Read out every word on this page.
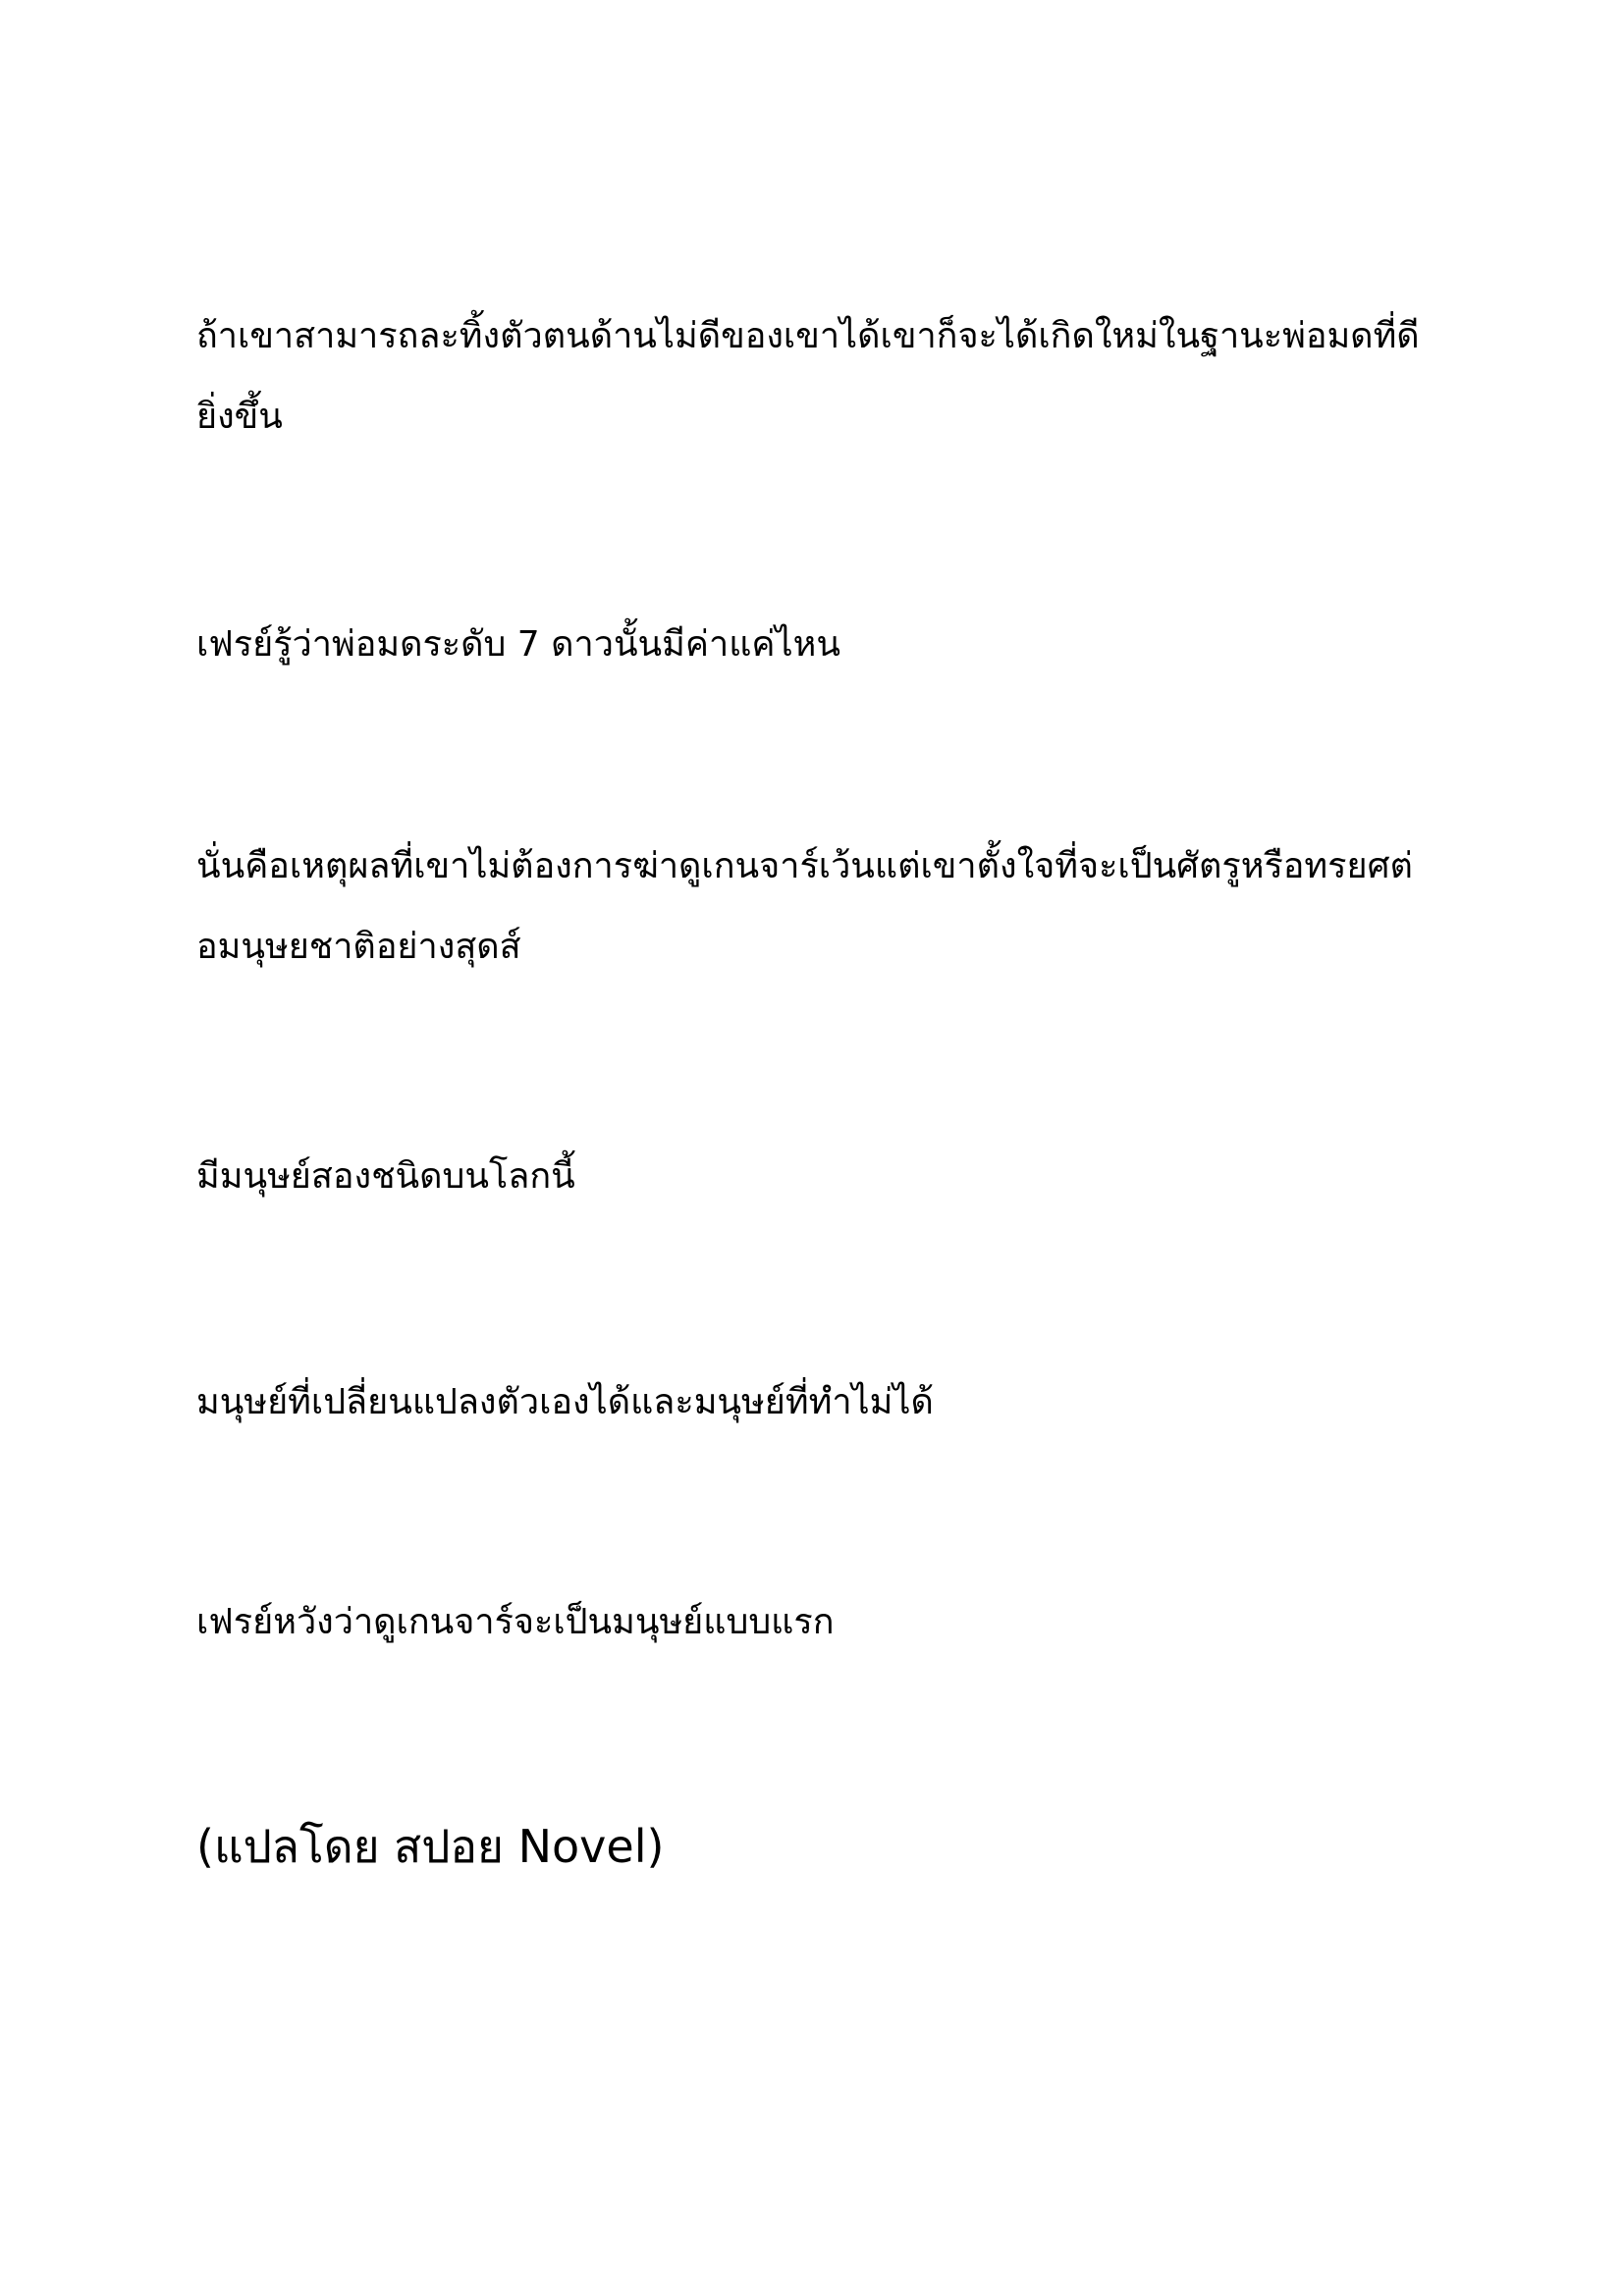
ถ้าเขาสามารถละทิ้งตัวตนด้านไม่ดีของเขาได้เขาก็จะได้เกิดใหม่ในฐานะพ่อมดที่ดียิ่งขึ้น

เฟรย์รู้ว่าพ่อมดระดับ 7 ดาวนั้นมีค่าแค่ไหน

นั่นคือเหตุผลที่เขาไม่ต้องการฆ่าดูเกนจาร์เว้นแต่เขาตั้งใจที่จะเป็นศัตรูหรือทรยศต่อมนุษยชาติอย่างสุดส์

มีมนุษย์สองชนิดบนโลกนี้

มนุษย์ที่เปลี่ยนแปลงตัวเองได้และมนุษย์ที่ทำไม่ได้

เฟรย์หวังว่าดูเกนจาร์จะเป็นมนุษย์แบบแรก

(แปลโดย สปอย Novel)
